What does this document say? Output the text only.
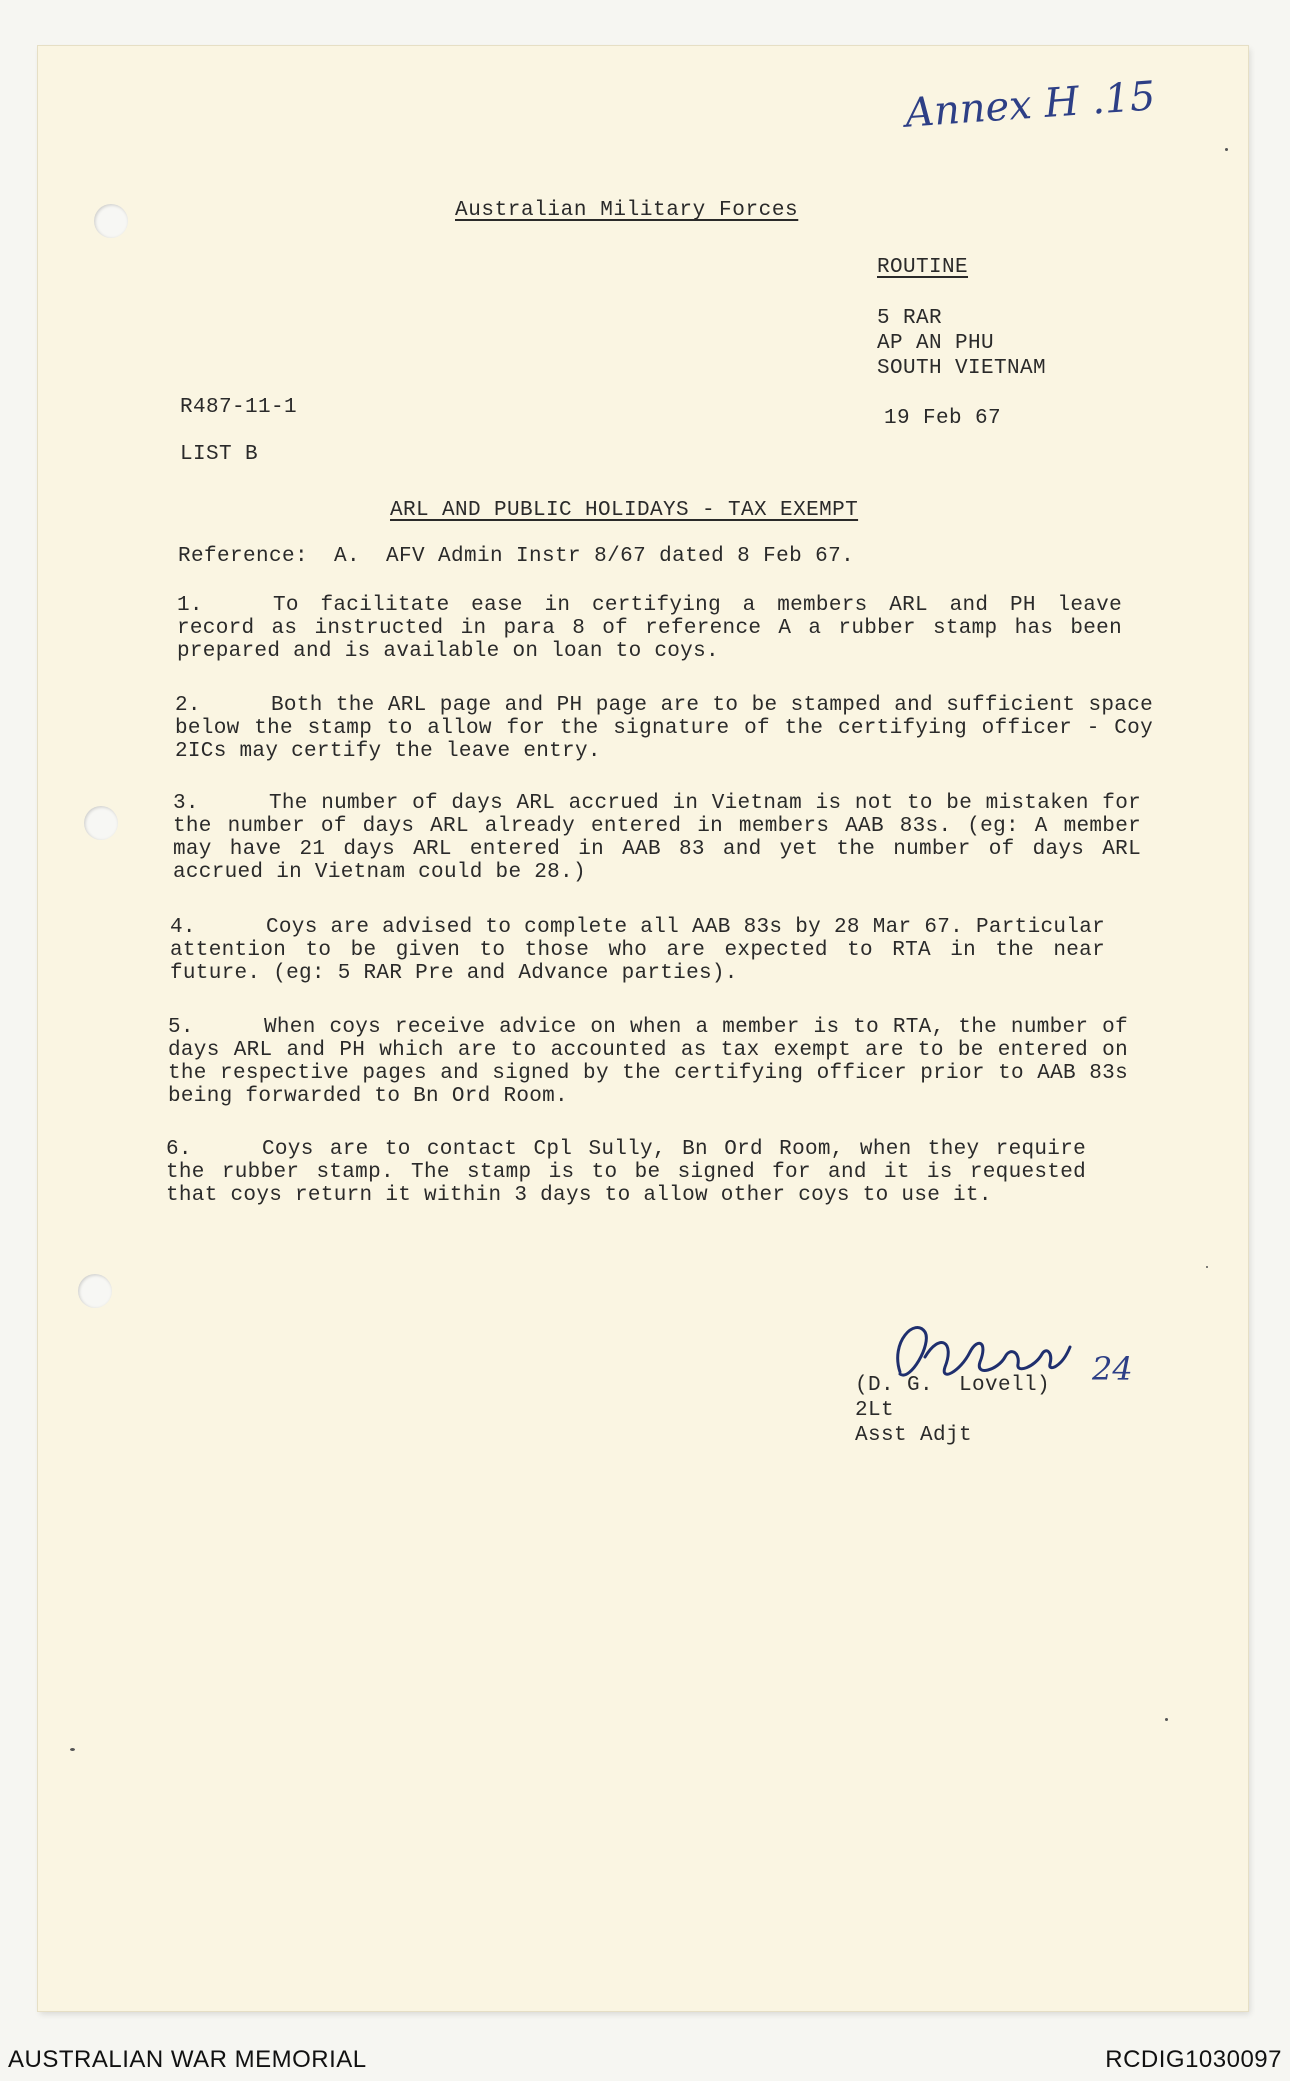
Annex H .15
Australian Military Forces
ROUTINE
5 RAR
AP AN PHU
SOUTH VIETNAM
R487-11-1	19 Feb 67
LIST B
ARL AND PUBLIC HOLIDAYS - TAX EXEMPT
Reference:  A.  AFV Admin Instr 8/67 dated 8 Feb 67.
1.	To facilitate ease in certifying a members ARL and PH leave record as instructed in para 8 of reference A a rubber stamp has been prepared and is available on loan to coys.
2.	Both the ARL page and PH page are to be stamped and sufficient space below the stamp to allow for the signature of the certifying officer - Coy 2ICs may certify the leave entry.
3.	The number of days ARL accrued in Vietnam is not to be mistaken for the number of days ARL already entered in members AAB 83s. (eg: A member may have 21 days ARL entered in AAB 83 and yet the number of days ARL accrued in Vietnam could be 28.)
4.	Coys are advised to complete all AAB 83s by 28 Mar 67. Particular attention to be given to those who are expected to RTA in the near future. (eg: 5 RAR Pre and Advance parties).
5.	When coys receive advice on when a member is to RTA, the number of days ARL and PH which are to accounted as tax exempt are to be entered on the respective pages and signed by the certifying officer prior to AAB 83s being forwarded to Bn Ord Room.
6.	Coys are to contact Cpl Sully, Bn Ord Room, when they require the rubber stamp. The stamp is to be signed for and it is requested that coys return it within 3 days to allow other coys to use it.
(D. G.  Lovell) 24
2Lt
Asst Adjt
AUSTRALIAN WAR MEMORIAL	RCDIG1030097
